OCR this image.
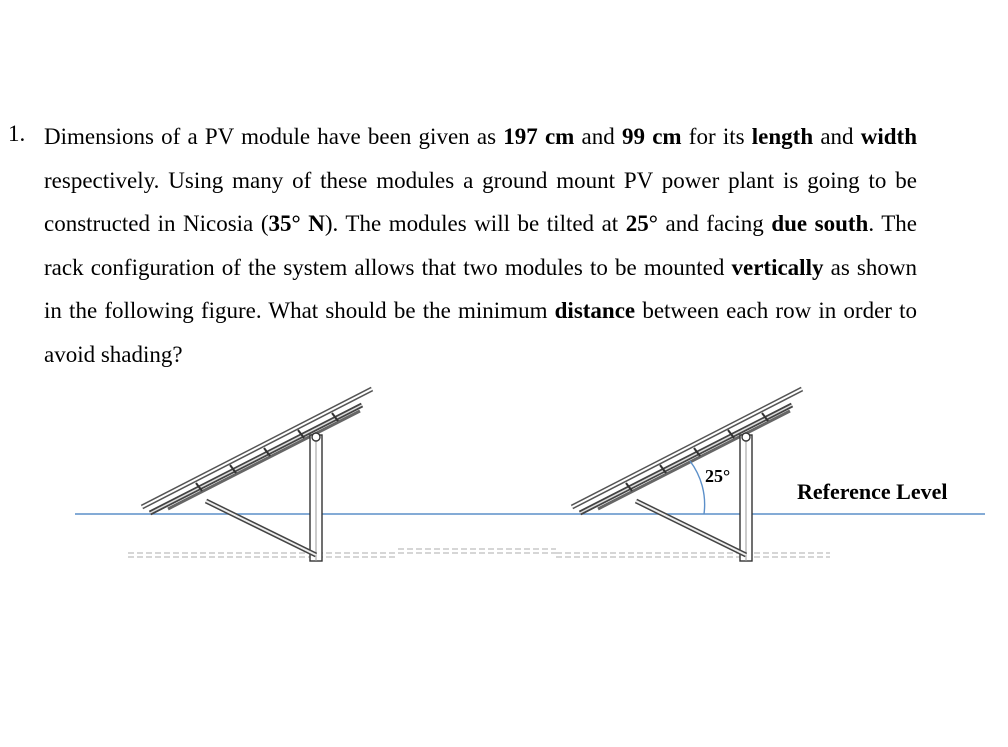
1. Dimensions of a PV module have been given as 197 cm and 99 cm for its length and width respectively. Using many of these modules a ground mount PV power plant is going to be constructed in Nicosia (35° N). The modules will be tilted at 25° and facing due south. The rack configuration of the system allows that two modules to be mounted vertically as shown in the following figure. What should be the minimum distance between each row in order to avoid shading?
25°
Reference Level
